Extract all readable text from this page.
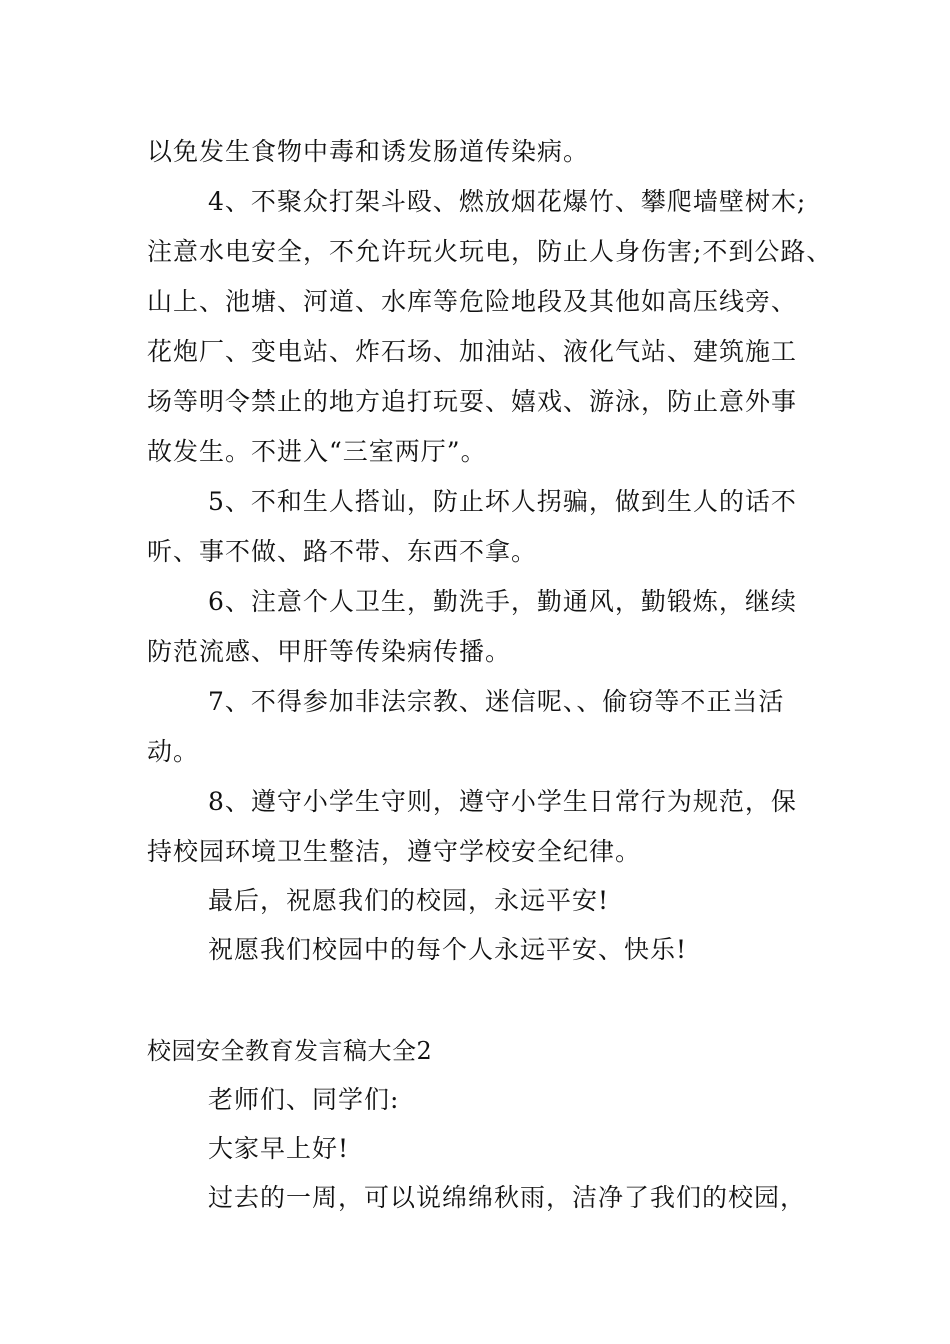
以免发生食物中毒和诱发肠道传染病。
4、不聚众打架斗殴、燃放烟花爆竹、攀爬墙壁树木;
注意水电安全，不允许玩火玩电，防止人身伤害;不到公路、
山上、池塘、河道、水库等危险地段及其他如高压线旁、
花炮厂、变电站、炸石场、加油站、液化气站、建筑施工
场等明令禁止的地方追打玩耍、嬉戏、游泳，防止意外事
故发生。不进入“三室两厅”。
5、不和生人搭讪，防止坏人拐骗，做到生人的话不
听、事不做、路不带、东西不拿。
6、注意个人卫生，勤洗手，勤通风，勤锻炼，继续
防范流感、甲肝等传染病传播。
7、不得参加非法宗教、迷信呢、、偷窃等不正当活
动。
8、遵守小学生守则，遵守小学生日常行为规范，保
持校园环境卫生整洁，遵守学校安全纪律。
最后，祝愿我们的校园，永远平安!
祝愿我们校园中的每个人永远平安、快乐!
校园安全教育发言稿大全2
老师们、同学们:
大家早上好!
过去的一周，可以说绵绵秋雨，洁净了我们的校园，
